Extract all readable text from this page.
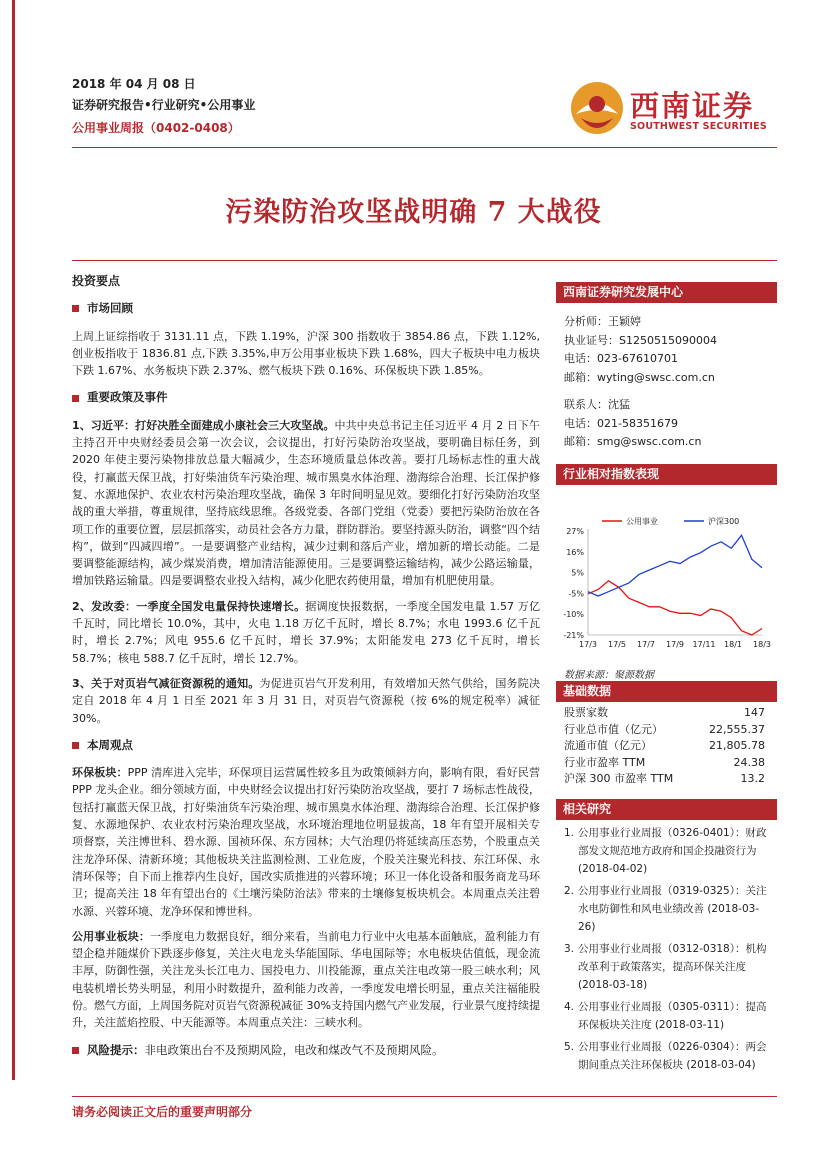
2018 年 04 月 08 日
证券研究报告•行业研究•公用事业
公用事业周报（0402-0408）
西南证券
SOUTHWEST SECURITIES
污染防治攻坚战明确 7 大战役

投资要点

市场回顾

上周上证综指收于 3131.11 点，下跌 1.19%，沪深 300 指数收于 3854.86 点，下跌 1.12%,创业板指收于 1836.81 点,下跌 3.35%,申万公用事业板块下跌 1.68%，四大子板块中电力板块下跌 1.67%、水务板块下跌 2.37%、燃气板块下跌 0.16%、环保板块下跌 1.85%。

重要政策及事件

1、习近平：打好决胜全面建成小康社会三大攻坚战。中共中央总书记主任习近平 4 月 2 日下午主持召开中央财经委员会第一次会议，会议提出，打好污染防治攻坚战，要明确目标任务，到 2020 年使主要污染物排放总量大幅减少，生态环境质量总体改善。要打几场标志性的重大战役，打赢蓝天保卫战，打好柴油货车污染治理、城市黑臭水体治理、渤海综合治理、长江保护修复、水源地保护、农业农村污染治理攻坚战，确保 3 年时间明显见效。要细化打好污染防治攻坚战的重大举措，尊重规律，坚持底线思维。各级党委、各部门党组（党委）要把污染防治放在各项工作的重要位置，层层抓落实，动员社会各方力量，群防群治。要坚持源头防治，调整“四个结构”，做到“四减四增”。一是要调整产业结构，减少过剩和落后产业，增加新的增长动能。二是要调整能源结构，减少煤炭消费，增加清洁能源使用。三是要调整运输结构，减少公路运输量，增加铁路运输量。四是要调整农业投入结构，减少化肥农药使用量，增加有机肥使用量。

2、发改委：一季度全国发电量保持快速增长。据调度快报数据，一季度全国发电量 1.57 万亿千瓦时，同比增长 10.0%，其中，火电 1.18 万亿千瓦时，增长 8.7%；水电 1993.6 亿千瓦时，增长 2.7%；风电 955.6 亿千瓦时，增长 37.9%；太阳能发电 273 亿千瓦时，增长 58.7%；核电 588.7 亿千瓦时，增长 12.7%。

3、关于对页岩气减征资源税的通知。为促进页岩气开发利用，有效增加天然气供给，国务院决定自 2018 年 4 月 1 日至 2021 年 3 月 31 日，对页岩气资源税（按 6%的规定税率）减征 30%。

本周观点

环保板块：PPP 清库进入完毕，环保项目运营属性较多且为政策倾斜方向，影响有限，看好民营 PPP 龙头企业。细分领域方面，中央财经会议提出打好污染防治攻坚战，要打 7 场标志性战役，包括打赢蓝天保卫战，打好柴油货车污染治理、城市黑臭水体治理、渤海综合治理、长江保护修复、水源地保护、农业农村污染治理攻坚战，水环境治理地位明显拔高，18 年有望开展相关专项督察，关注博世科、碧水源、国祯环保、东方园林；大气治理仍将延续高压态势，个股重点关注龙净环保、清新环境；其他板块关注监测检测、工业危废，个股关注聚光科技、东江环保、永清环保等；自下而上推荐内生良好，国改实质推进的兴蓉环境；环卫一体化设备和服务商龙马环卫；提高关注 18 年有望出台的《土壤污染防治法》带来的土壤修复板块机会。本周重点关注碧水源、兴蓉环境、龙净环保和博世科。

公用事业板块：一季度电力数据良好，细分来看，当前电力行业中火电基本面触底，盈利能力有望企稳并随煤价下跌逐步修复，关注火电龙头华能国际、华电国际等；水电板块估值低，现金流丰厚，防御性强，关注龙头长江电力、国投电力、川投能源，重点关注电改第一股三峡水利；风电装机增长势头明显，利用小时数提升，盈利能力改善，一季度发电增长明显，重点关注福能股份。燃气方面，上周国务院对页岩气资源税减征 30%支持国内燃气产业发展，行业景气度持续提升，关注蓝焰控股、中天能源等。本周重点关注：三峡水利。

风险提示：非电政策出台不及预期风险，电改和煤改气不及预期风险。
西南证券研究发展中心
分析师：王颖婷
执业证号：S1250515090004
电话：023-67610701
邮箱：wyting@swsc.com.cn
联系人：沈猛
电话：021-58351679
邮箱：smg@swsc.com.cn
行业相对指数表现
公用事业	沪深300
27%
16%
5%
-5%
-10%
-21%
17/3 17/5 17/7 17/9 17/11 18/1 18/3
数据来源：聚源数据
基础数据
股票家数	147
行业总市值（亿元）	22,555.37
流通市值（亿元）	21,805.78
行业市盈率 TTM	24.38
沪深 300 市盈率 TTM	13.2
相关研究
1. 公用事业行业周报（0326-0401）：财政部发文规范地方政府和国企投融资行为 (2018-04-02)
2. 公用事业行业周报（0319-0325）：关注水电防御性和风电业绩改善 (2018-03-26)
3. 公用事业行业周报（0312-0318）：机构改革利于政策落实，提高环保关注度 (2018-03-18)
4. 公用事业行业周报（0305-0311）：提高环保板块关注度 (2018-03-11)
5. 公用事业行业周报（0226-0304）：两会期间重点关注环保板块 (2018-03-04)
请务必阅读正文后的重要声明部分
